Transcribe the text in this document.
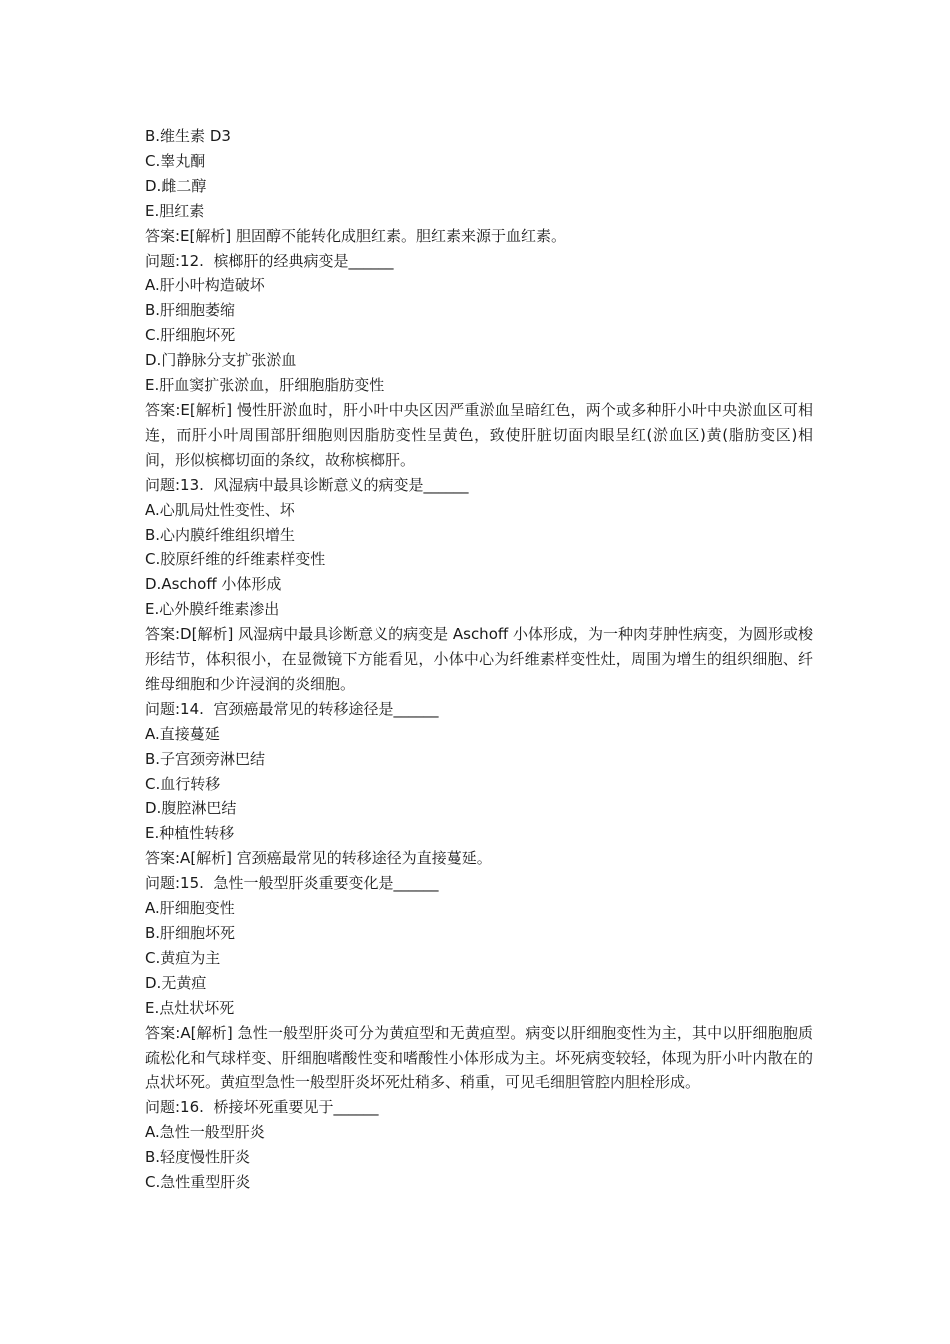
B.维生素 D3

C.睾丸酮

D.雌二醇

E.胆红素

答案:E[解析] 胆固醇不能转化成胆红素。胆红素来源于血红素。

问题:12.  槟榔肝的经典病变是______

A.肝小叶构造破坏

B.肝细胞萎缩

C.肝细胞坏死

D.门静脉分支扩张淤血

E.肝血窦扩张淤血，肝细胞脂肪变性

答案:E[解析] 慢性肝淤血时，肝小叶中央区因严重淤血呈暗红色，两个或多种肝小叶中央淤血区可相连，而肝小叶周围部肝细胞则因脂肪变性呈黄色，致使肝脏切面肉眼呈红(淤血区)黄(脂肪变区)相间，形似槟榔切面的条纹，故称槟榔肝。

问题:13.  风湿病中最具诊断意义的病变是______

A.心肌局灶性变性、坏

B.心内膜纤维组织增生

C.胶原纤维的纤维素样变性

D.Aschoff 小体形成

E.心外膜纤维素渗出

答案:D[解析] 风湿病中最具诊断意义的病变是 Aschoff 小体形成，为一种肉芽肿性病变，为圆形或梭形结节，体积很小，在显微镜下方能看见，小体中心为纤维素样变性灶，周围为增生的组织细胞、纤维母细胞和少许浸润的炎细胞。

问题:14.  宫颈癌最常见的转移途径是______

A.直接蔓延

B.子宫颈旁淋巴结

C.血行转移

D.腹腔淋巴结

E.种植性转移

答案:A[解析] 宫颈癌最常见的转移途径为直接蔓延。

问题:15.  急性一般型肝炎重要变化是______

A.肝细胞变性

B.肝细胞坏死

C.黄疸为主

D.无黄疸

E.点灶状坏死

答案:A[解析] 急性一般型肝炎可分为黄疸型和无黄疸型。病变以肝细胞变性为主，其中以肝细胞胞质疏松化和气球样变、肝细胞嗜酸性变和嗜酸性小体形成为主。坏死病变较轻，体现为肝小叶内散在的点状坏死。黄疸型急性一般型肝炎坏死灶稍多、稍重，可见毛细胆管腔内胆栓形成。

问题:16.  桥接坏死重要见于______

A.急性一般型肝炎

B.轻度慢性肝炎

C.急性重型肝炎
